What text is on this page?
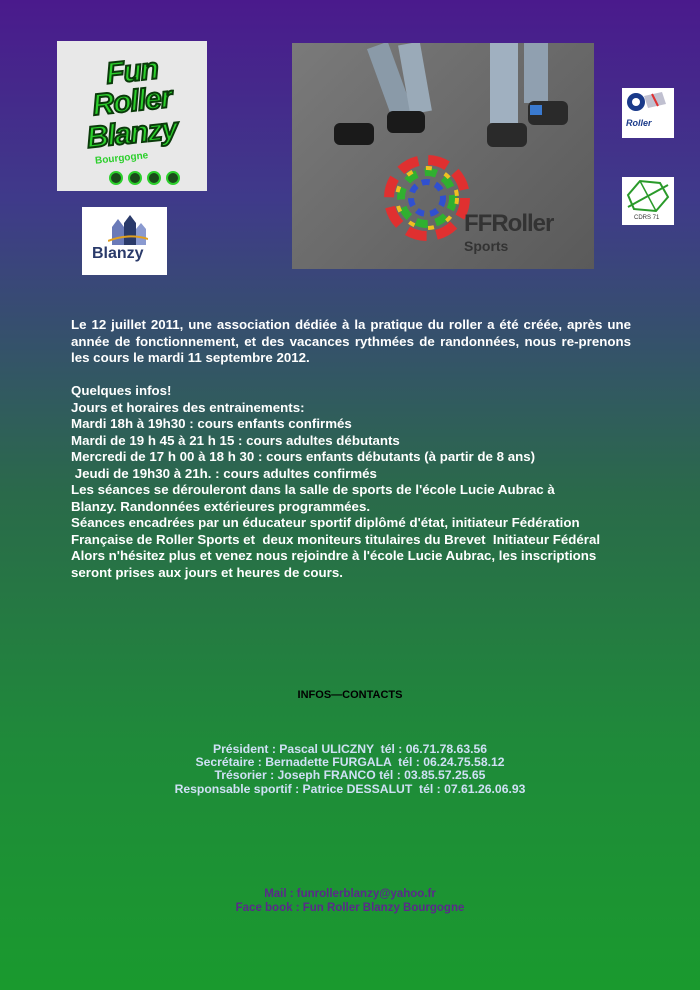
Fun
Roller
Blanzy
Bourgogne
Blanzy
FFRoller
Sports
Roller
CDRS 71
Le 12 juillet 2011, une association dédiée à la pratique du roller a été créée, après une année de fonctionnement, et des vacances rythmées de randonnées, nous re-prenons les cours le mardi 11 septembre 2012.
Quelques infos!
Jours et horaires des entrainements:
Mardi 18h à 19h30 : cours enfants confirmés
Mardi de 19 h 45 à 21 h 15 : cours adultes débutants
Mercredi de 17 h 00 à 18 h 30 : cours enfants débutants (à partir de 8 ans)
Jeudi de 19h30 à 21h. : cours adultes confirmés
Les séances se dérouleront dans la salle de sports de l'école Lucie Aubrac à
Blanzy. Randonnées extérieures programmées.
Séances encadrées par un éducateur sportif diplômé d'état, initiateur Fédération
Française de Roller Sports et  deux moniteurs titulaires du Brevet  Initiateur Fédéral
Alors n'hésitez plus et venez nous rejoindre à l'école Lucie Aubrac, les inscriptions
seront prises aux jours et heures de cours.
INFOS—CONTACTS
Président : Pascal ULICZNY  tél : 06.71.78.63.56
Secrétaire : Bernadette FURGALA  tél : 06.24.75.58.12
Trésorier : Joseph FRANCO tél : 03.85.57.25.65
Responsable sportif : Patrice DESSALUT  tél : 07.61.26.06.93
Mail : funrollerblanzy@yahoo.fr
Face book : Fun Roller Blanzy Bourgogne
